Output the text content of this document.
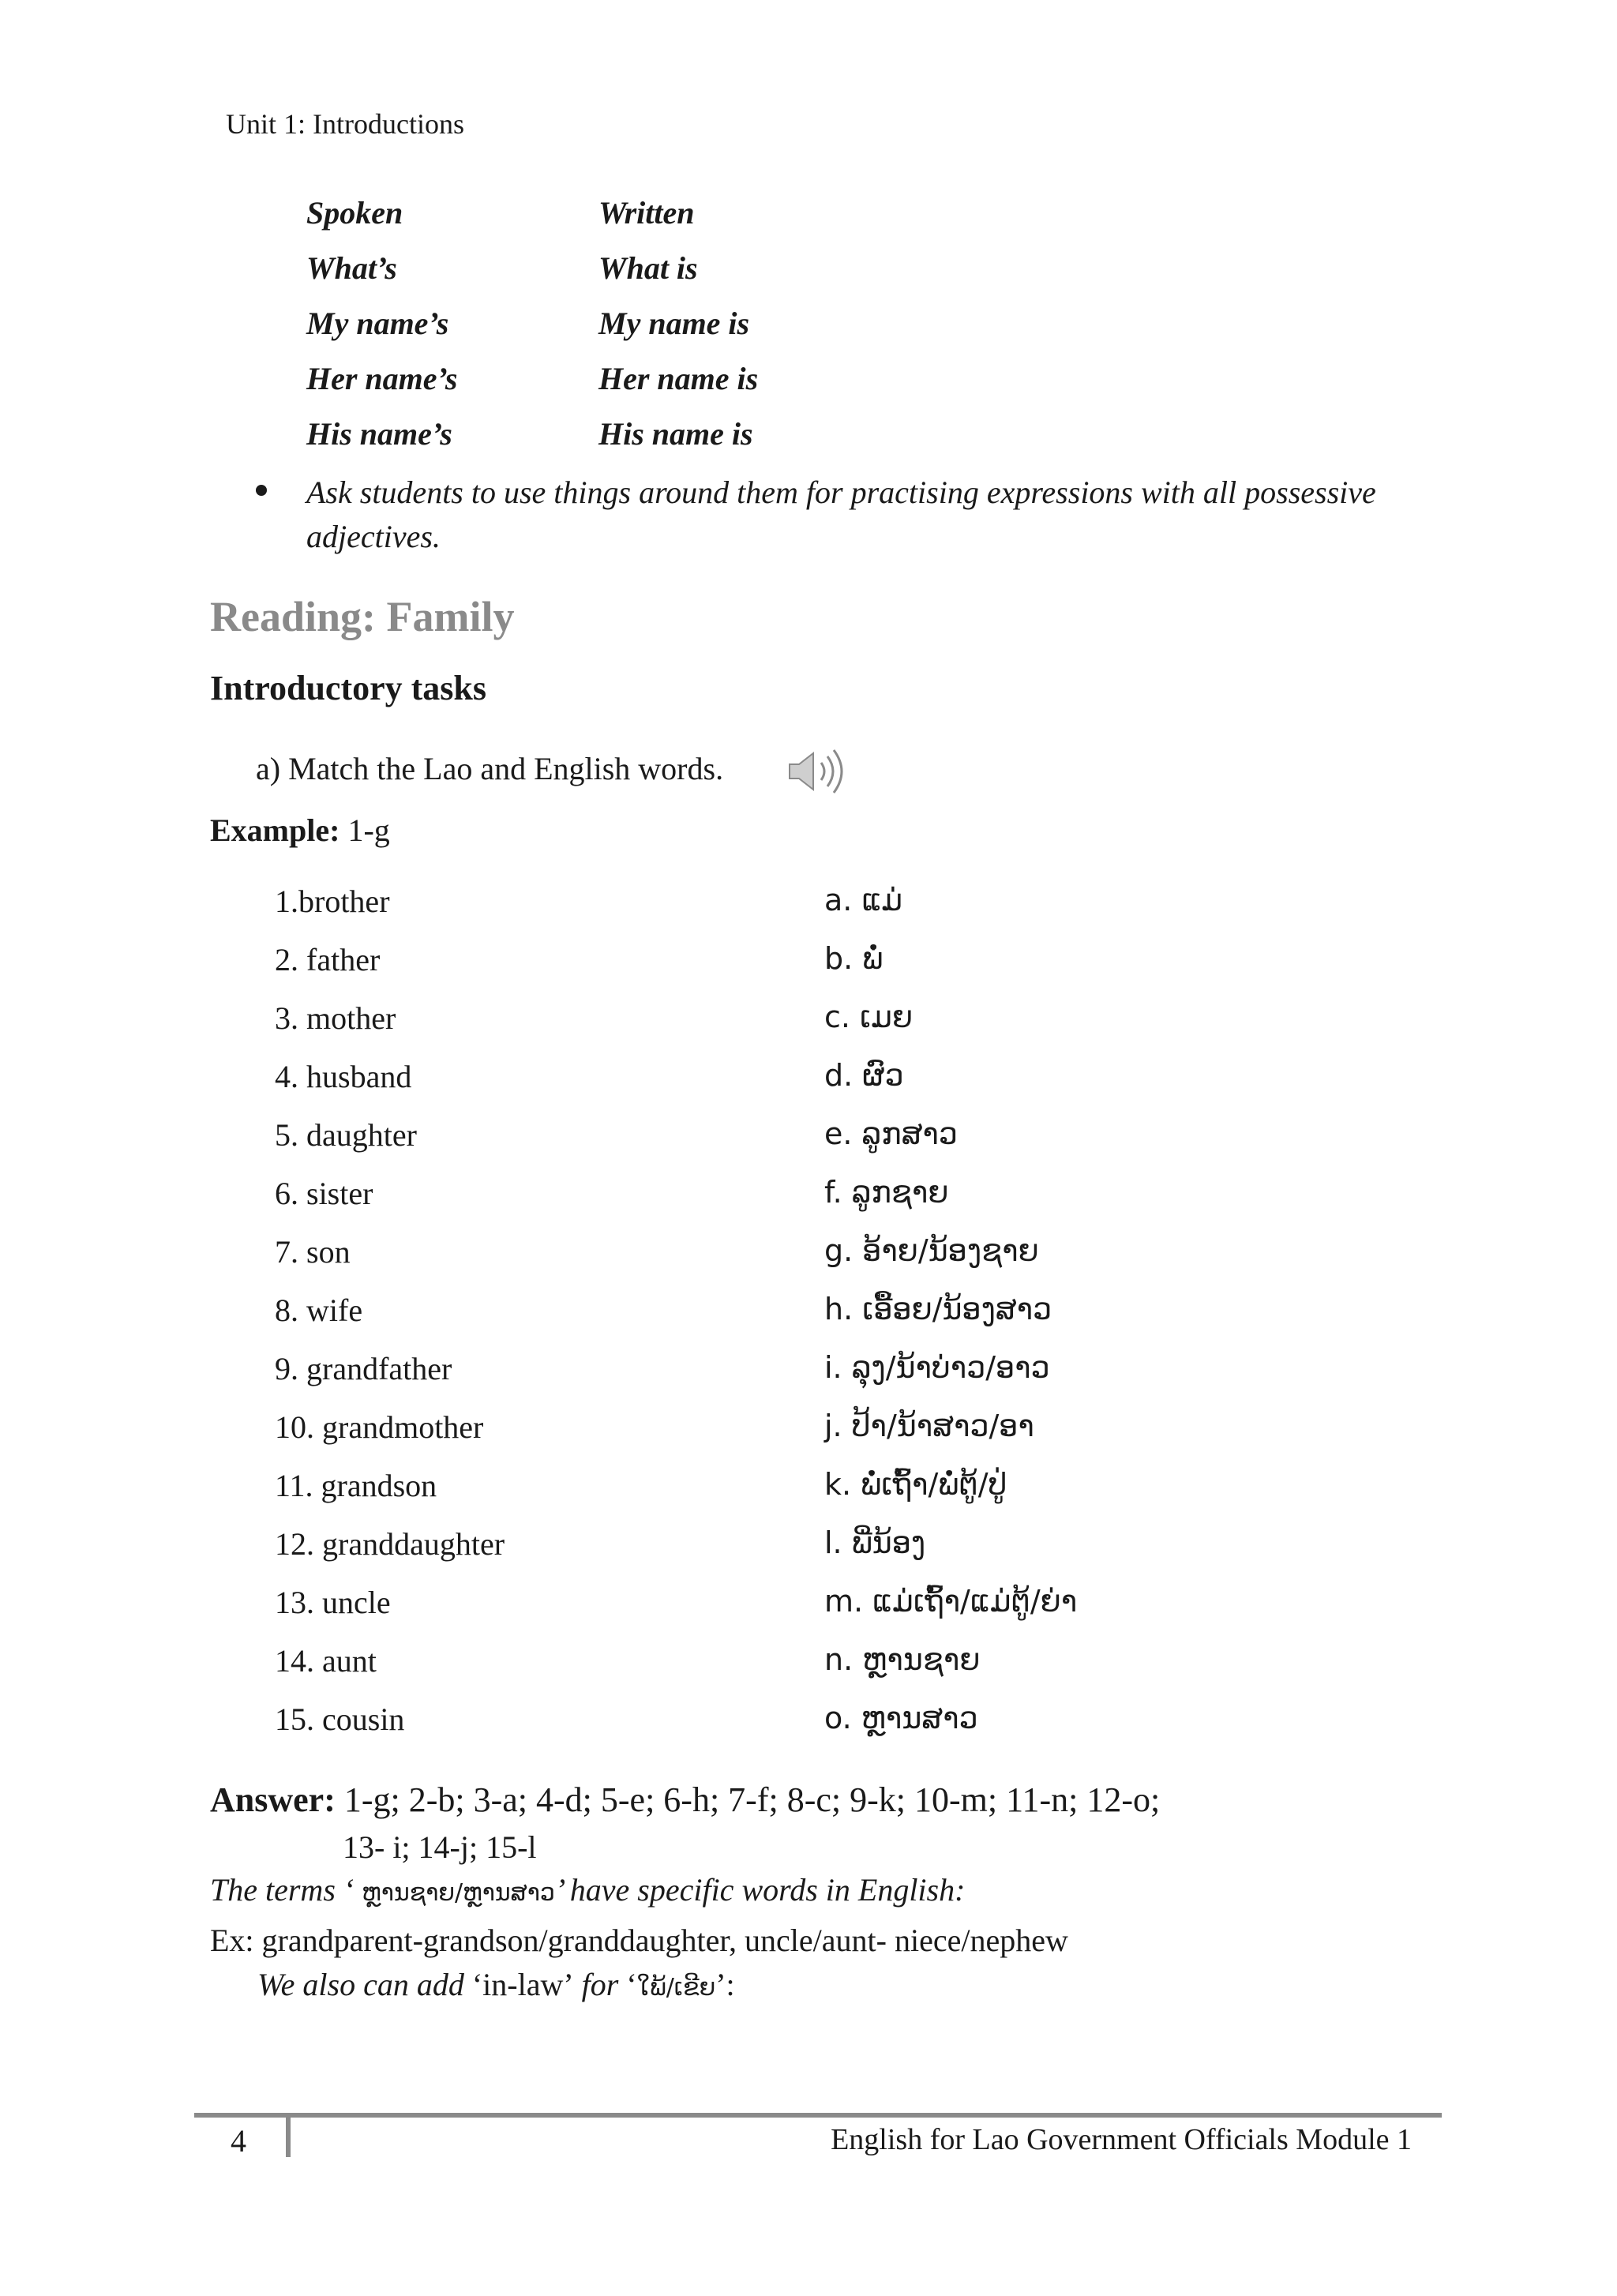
Unit 1: Introductions
Spoken	Written
What’s	What is
My name’s	My name is
Her name’s	Her name is
His name’s	His name is
Ask students to use things around them for practising expressions with all possessive adjectives.
Reading: Family
Introductory tasks
a) Match the Lao and English words.
Example: 1-g
1.brother	a. ແມ່
2. father	b. ພໍ່
3. mother	c. ເມຍ
4. husband	d. ຜົວ
5. daughter	e. ລູກສາວ
6. sister	f. ລູກຊາຍ
7. son	g. ອ້າຍ/ນ້ອງຊາຍ
8. wife	h. ເອື້ອຍ/ນ້ອງສາວ
9. grandfather	i. ລຸງ/ນ້າບ່າວ/ອາວ
10. grandmother	j. ປ້າ/ນ້າສາວ/ອາ
11. grandson	k. ພໍ່ເຖົ້າ/ພໍ່ຕູ້/ປູ່
12. granddaughter	l. ພີ່ນ້ອງ
13. uncle	m. ແມ່ເຖົ້າ/ແມ່ຕູ້/ຍ່າ
14. aunt	n. ຫຼານຊາຍ
15. cousin	o. ຫຼານສາວ
Answer: 1-g; 2-b; 3-a; 4-d; 5-e; 6-h; 7-f; 8-c; 9-k; 10-m; 11-n; 12-o;
13- i; 14-j; 15-l
The terms ‘ ຫຼານຊາຍ/ຫຼານສາວ’ have specific words in English:
Ex: grandparent-grandson/granddaughter, uncle/aunt- niece/nephew
We also can add ‘in-law’ for ‘ໃພ້/ເຂີຍ’:
4	English for Lao Government Officials Module 1
